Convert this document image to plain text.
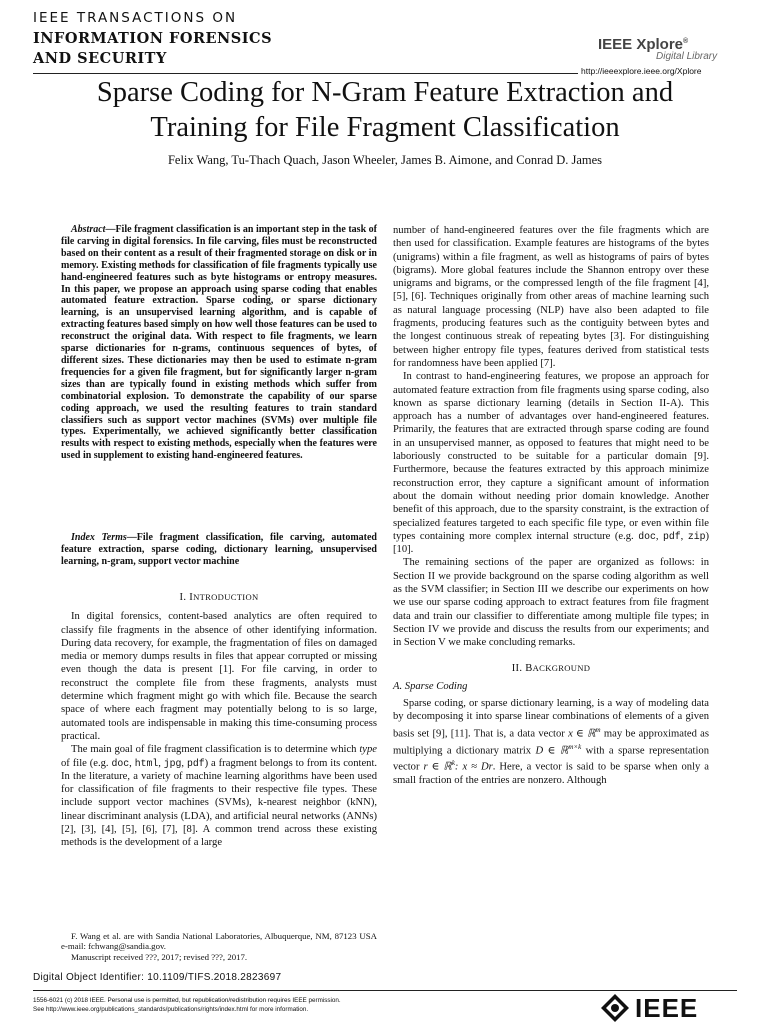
IEEE TRANSACTIONS ON
INFORMATION FORENSICS
AND SECURITY
IEEE Xplore®
Digital Library
http://ieeexplore.ieee.org/Xplore
Sparse Coding for N-Gram Feature Extraction and
Training for File Fragment Classification
Felix Wang, Tu-Thach Quach, Jason Wheeler, James B. Aimone, and Conrad D. James
Abstract—File fragment classification is an important step in the task of file carving in digital forensics. In file carving, files must be reconstructed based on their content as a result of their fragmented storage on disk or in memory. Existing methods for classification of file fragments typically use hand-engineered features such as byte histograms or entropy measures. In this paper, we propose an approach using sparse coding that enables automated feature extraction. Sparse coding, or sparse dictionary learning, is an unsupervised learning algorithm, and is capable of extracting features based simply on how well those features can be used to reconstruct the original data. With respect to file fragments, we learn sparse dictionaries for n-grams, continuous sequences of bytes, of different sizes. These dictionaries may then be used to estimate n-gram frequencies for a given file fragment, but for significantly larger n-gram sizes than are typically found in existing methods which suffer from combinatorial explosion. To demonstrate the capability of our sparse coding approach, we used the resulting features to train standard classifiers such as support vector machines (SVMs) over multiple file types. Experimentally, we achieved significantly better classification results with respect to existing methods, especially when the features were used in supplement to existing hand-engineered features.
Index Terms—File fragment classification, file carving, automated feature extraction, sparse coding, dictionary learning, unsupervised learning, n-gram, support vector machine
I. INTRODUCTION

In digital forensics, content-based analytics are often required to classify file fragments in the absence of other identifying information. During data recovery, for example, the fragmentation of files on damaged media or memory dumps results in files that appear corrupted or missing even though the data is present [1]. For file carving, in order to reconstruct the complete file from these fragments, analysts must determine which fragment might go with which file. Because the search space of where each fragment may potentially belong to is so large, automated tools are indispensable in making this time-consuming process practical.

The main goal of file fragment classification is to determine which type of file (e.g. doc, html, jpg, pdf) a fragment belongs to from its content. In the literature, a variety of machine learning algorithms have been used for classification of file fragments to their respective file types. These include support vector machines (SVMs), k-nearest neighbor (kNN), linear discriminant analysis (LDA), and artificial neural networks (ANNs) [2], [3], [4], [5], [6], [7], [8]. A common trend across these existing methods is the development of a large

F. Wang et al. are with Sandia National Laboratories, Albuquerque, NM, 87123 USA e-mail: fchwang@sandia.gov.
Manuscript received ???, 2017; revised ???, 2017.

number of hand-engineered features over the file fragments which are then used for classification. Example features are histograms of the bytes (unigrams) within a file fragment, as well as histograms of pairs of bytes (bigrams). More global features include the Shannon entropy over these unigrams and bigrams, or the compressed length of the file fragment [4], [5], [6]. Techniques originally from other areas of machine learning such as natural language processing (NLP) have also been adapted to file fragments, producing features such as the contiguity between bytes and the longest continuous streak of repeating bytes [3]. For distinguishing between higher entropy file types, features derived from statistical tests for randomness have been applied [7].

In contrast to hand-engineering features, we propose an approach for automated feature extraction from file fragments using sparse coding, also known as sparse dictionary learning (details in Section II-A). This approach has a number of advantages over hand-engineered features. Primarily, the features that are extracted through sparse coding are found in an unsupervised manner, as opposed to features that might need to be laboriously constructed to be suitable for a particular domain [9]. Furthermore, because the features extracted by this approach minimize reconstruction error, they capture a significant amount of information about the domain without needing prior domain knowledge. Another benefit of this approach, due to the sparsity constraint, is the extraction of specialized features targeted to each specific file type, or even within file types containing more complex internal structure (e.g. doc, pdf, zip) [10].

The remaining sections of the paper are organized as follows: in Section II we provide background on the sparse coding algorithm as well as the SVM classifier; in Section III we describe our experiments on how we use our sparse coding approach to extract features from file fragment data and train our classifier to differentiate among multiple file types; in Section IV we provide and discuss the results from our experiments; and in Section V we make concluding remarks.

II. BACKGROUND
A. Sparse Coding

Sparse coding, or sparse dictionary learning, is a way of modeling data by decomposing it into sparse linear combinations of elements of a given basis set [9], [11]. That is, a data vector x ∈ ℝ$^m$ may be approximated as multiplying a dictionary matrix D ∈ ℝ$^{m\times k}$ with a sparse representation vector r ∈ ℝ$^k$: x ≈ Dr. Here, a vector is said to be sparse when only a small fraction of the entries are nonzero. Although

Digital Object Identifier: 10.1109/TIFS.2018.2823697
1556-6021 (c) 2018 IEEE. Personal use is permitted, but republication/redistribution requires IEEE permission.
See http://www.ieee.org/publications_standards/publications/rights/index.html for more information.	IEEE
